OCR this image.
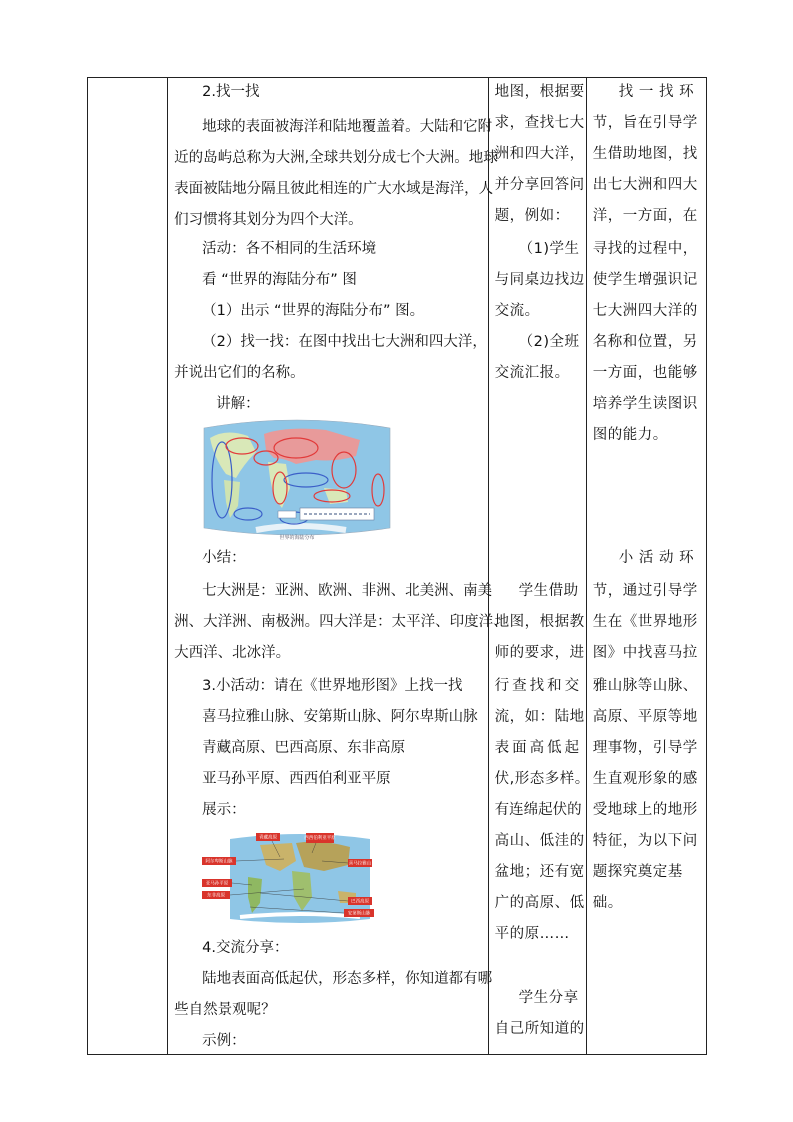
2.找一找
地球的表面被海洋和陆地覆盖着。大陆和它附
近的岛屿总称为大洲,全球共划分成七个大洲。地球
表面被陆地分隔且彼此相连的广大水域是海洋，人
们习惯将其划分为四个大洋。
活动：各不相同的生活环境
看 “世界的海陆分布” 图
（1）出示 “世界的海陆分布” 图。
（2）找一找：在图中找出七大洲和四大洋，
并说出它们的名称。
讲解：
世界的海陆分布
小结：
七大洲是：亚洲、欧洲、非洲、北美洲、南美
洲、大洋洲、南极洲。四大洋是：太平洋、印度洋、
大西洋、北冰洋。
3.小活动：请在《世界地形图》上找一找
喜马拉雅山脉、安第斯山脉、阿尔卑斯山脉
青藏高原、巴西高原、东非高原
亚马孙平原、西西伯利亚平原
展示：
青藏高原	西西伯利亚平原
阿尔卑斯山脉	喜马拉雅山
亚马孙平原
东非高原
巴西高原
安第斯山脉
4.交流分享：
陆地表面高低起伏，形态多样，你知道都有哪
些自然景观呢？
示例：

地图，根据要
求，查找七大
洲和四大洋，
并分享回答问
题，例如：
（1)学生
与同桌边找边
交流。
（2)全班
交流汇报。
学生借助
地图，根据教
师的要求，进
行查找和交
流，如：陆地
表面高低起
伏,形态多样。
有连绵起伏的
高山、低洼的
盆地；还有宽
广的高原、低
平的原……
学生分享
自己所知道的

找 一 找 环
节，旨在引导学
生借助地图，找
出七大洲和四大
洋，一方面，在
寻找的过程中，
使学生增强识记
七大洲四大洋的
名称和位置，另
一方面，也能够
培养学生读图识
图的能力。
小 活 动 环
节，通过引导学
生在《世界地形
图》中找喜马拉
雅山脉等山脉、
高原、平原等地
理事物，引导学
生直观形象的感
受地球上的地形
特征，为以下问
题探究奠定基
础。
